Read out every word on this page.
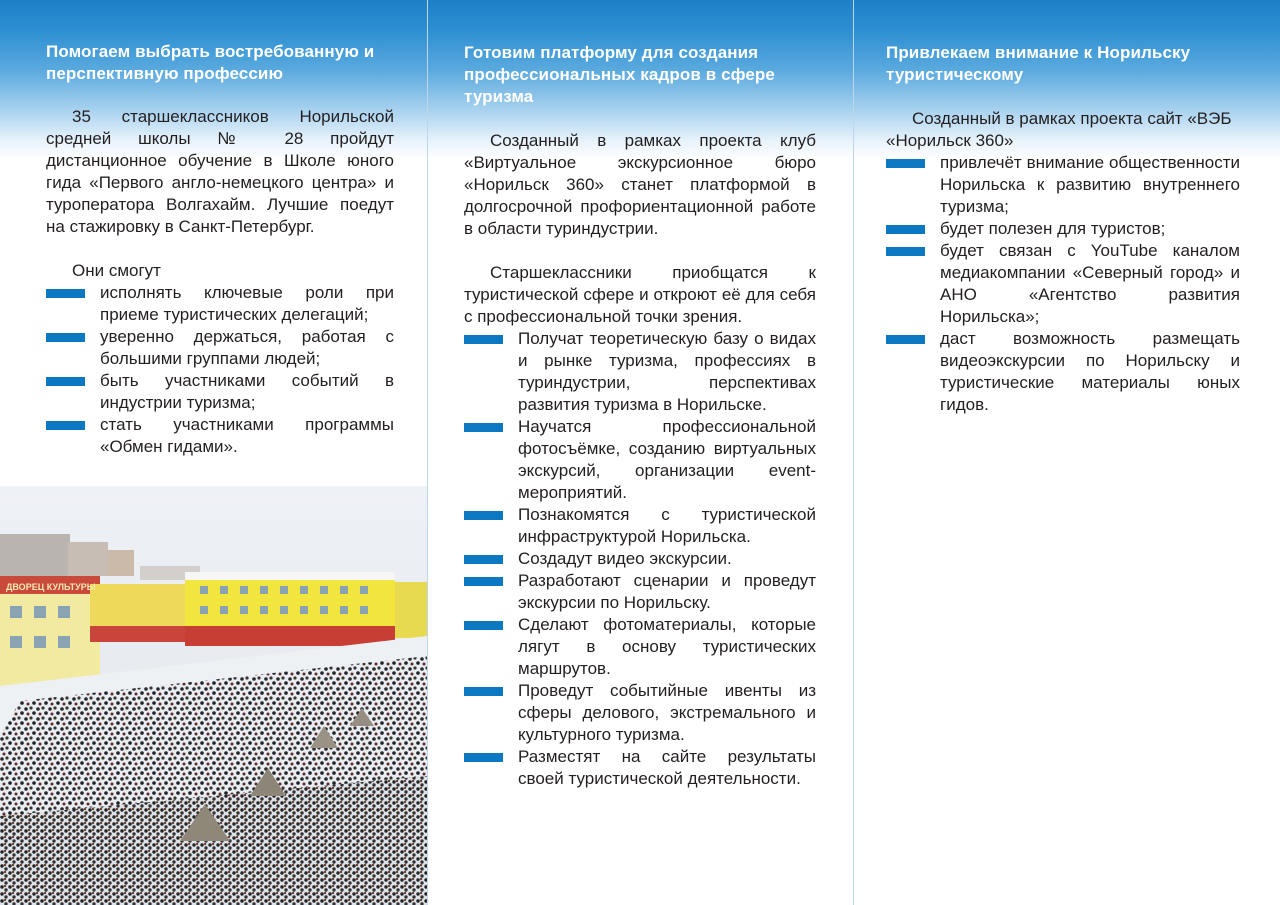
Помогаем выбрать востребованную и перспективную профессию

35 старшеклассников Норильской средней школы № 28 пройдут дистанционное обучение в Школе юного гида «Первого англо-немецкого центра» и туроператора Волгахайм. Лучшие поедут на стажировку в Санкт-Петербург.

Они смогут

исполнять ключевые роли при приеме туристических делегаций;
уверенно держаться, работая с большими группами людей;
быть участниками событий в индустрии туризма;
стать участниками программы «Обмен гидами».
ДВОРЕЦ КУЛЬТУРЫ
Готовим платформу для создания профессиональных кадров в сфере туризма

Созданный в рамках проекта клуб «Виртуальное экскурсионное бюро «Норильск 360» станет платформой в долгосрочной профориентационной работе в области туриндустрии.

Старшеклассники приобщатся к туристической сфере и откроют её для себя с профессиональной точки зрения.

Получат теоретическую базу о видах и рынке туризма, профессиях в туриндустрии, перспективах развития туризма в Норильске.
Научатся профессиональной фотосъёмке, созданию виртуальных экскурсий, организации event-мероприятий.
Познакомятся с туристической инфраструктурой Норильска.
Создадут видео экскурсии.
Разработают сценарии и проведут экскурсии по Норильску.
Сделают фотоматериалы, которые лягут в основу туристических маршрутов.
Проведут событийные ивенты из сферы делового, экстремального и культурного туризма.
Разместят на сайте результаты своей туристической деятельности.
Привлекаем внимание к Норильску туристическому

Созданный в рамках проекта сайт «ВЭБ «Норильск 360»

привлечёт внимание общественности Норильска к развитию внутреннего туризма;
будет полезен для туристов;
будет связан с YouTube каналом медиакомпании «Северный город» и АНО «Агентство развития Норильска»;
даст возможность размещать видеоэкскурсии по Норильску и туристические материалы юных гидов.
